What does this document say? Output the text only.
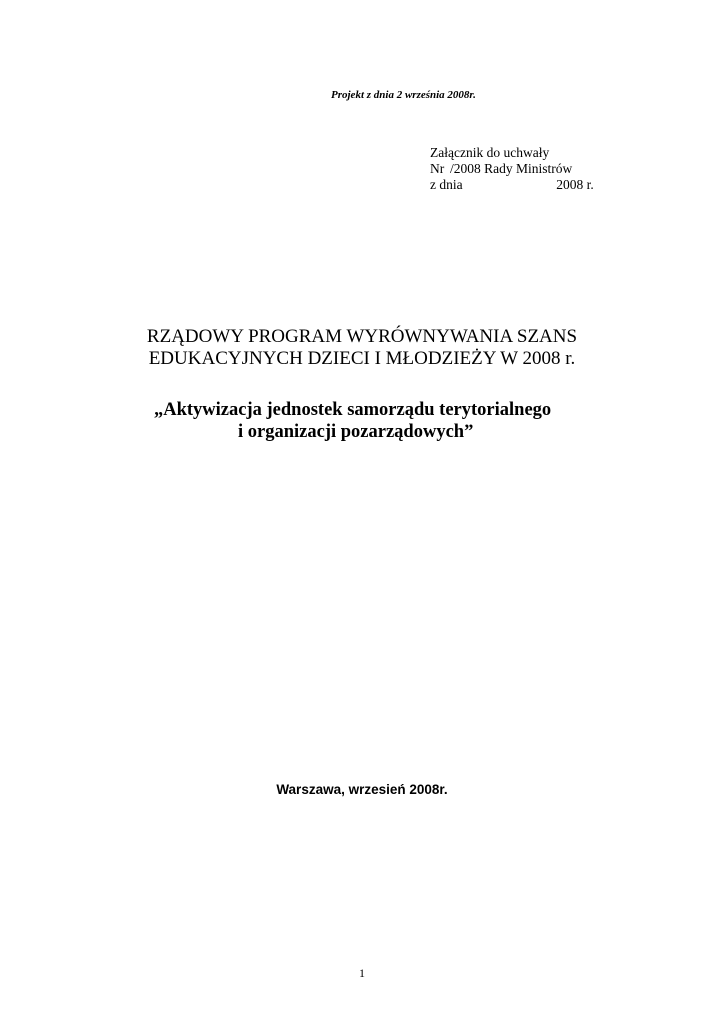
Projekt z dnia 2 września 2008r.
Załącznik do uchwały
Nr /2008 Rady Ministrów
z dnia	2008 r.
RZĄDOWY PROGRAM WYRÓWNYWANIA SZANS
EDUKACYJNYCH DZIECI I MŁODZIEŻY W 2008 r.
„Aktywizacja jednostek samorządu terytorialnego
i organizacji pozarządowych”
Warszawa, wrzesień 2008r.
1
